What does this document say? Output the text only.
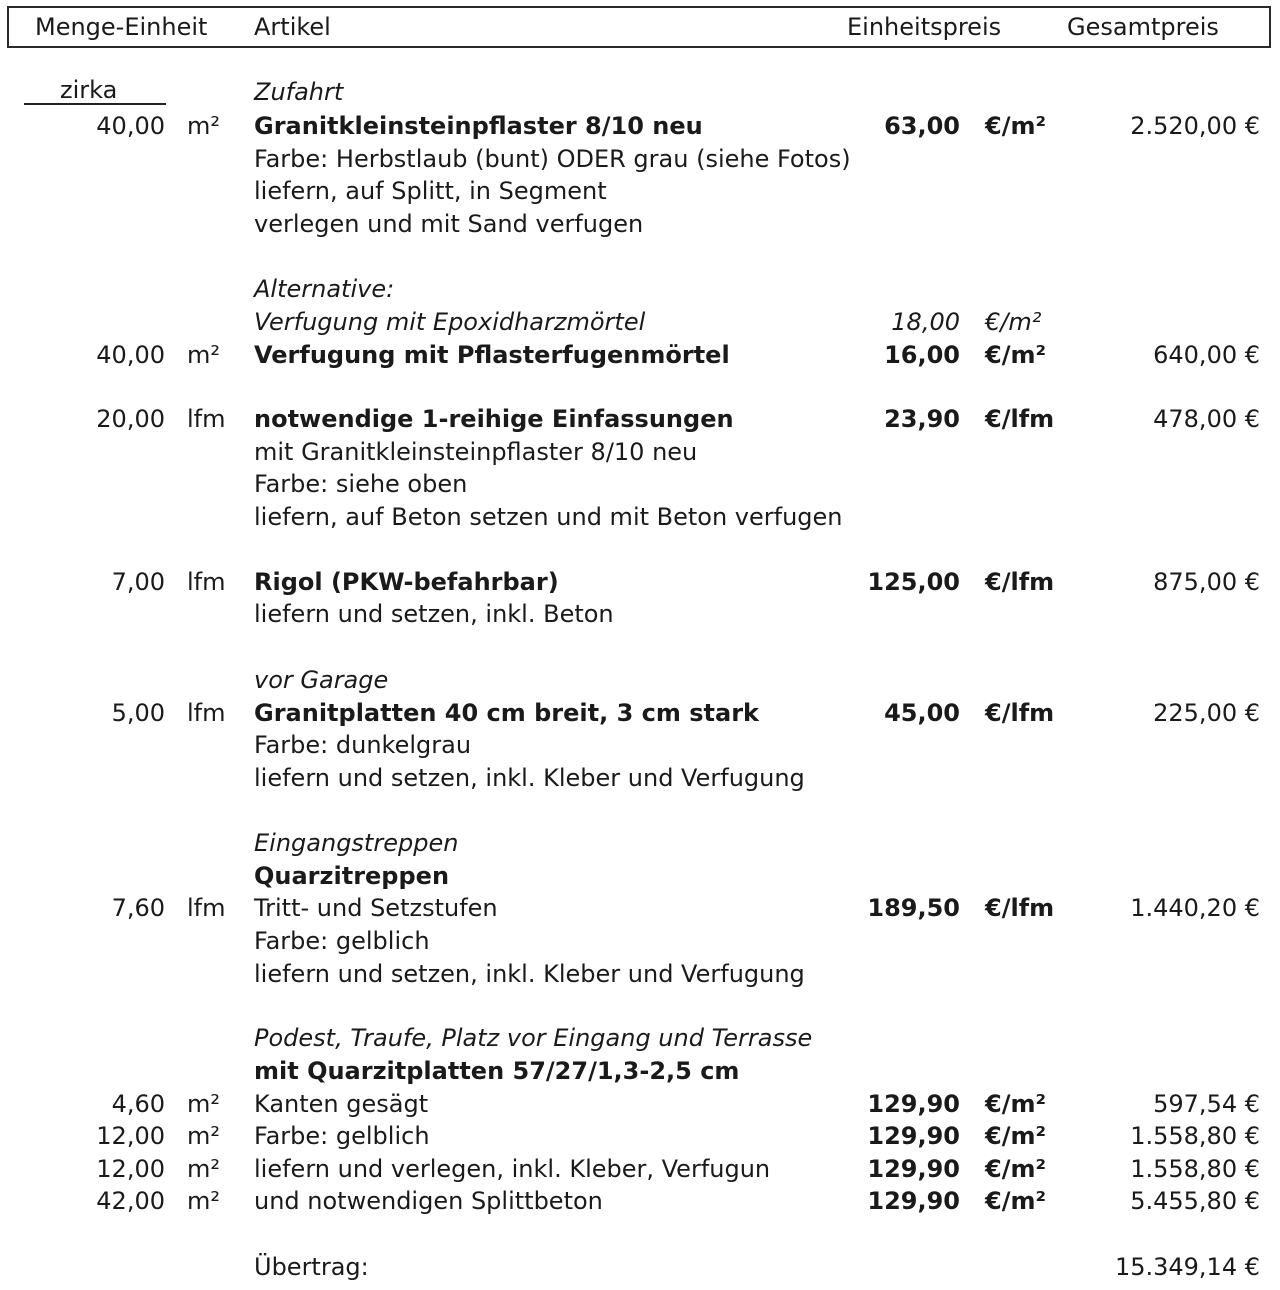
Menge-Einheit Artikel	Einheitspreis	Gesamtpreis
zirka	Zufahrt
40,00 m² Granitkleinsteinpflaster 8/10 neu	63,00 €/m²	2.520,00 €
Farbe: Herbstlaub (bunt) ODER grau (siehe Fotos)
liefern, auf Splitt, in Segment
verlegen und mit Sand verfugen
Alternative:
Verfugung mit Epoxidharzmörtel	18,00 €/m²
40,00 m² Verfugung mit Pflasterfugenmörtel	16,00 €/m²	640,00 €
20,00 lfm notwendige 1-reihige Einfassungen	23,90 €/lfm	478,00 €
mit Granitkleinsteinpflaster 8/10 neu
Farbe: siehe oben
liefern, auf Beton setzen und mit Beton verfugen
7,00 lfm Rigol (PKW-befahrbar)	125,00 €/lfm	875,00 €
liefern und setzen, inkl. Beton
vor Garage
5,00 lfm Granitplatten 40 cm breit, 3 cm stark	45,00 €/lfm	225,00 €
Farbe: dunkelgrau
liefern und setzen, inkl. Kleber und Verfugung
Eingangstreppen
Quarzitreppen
7,60 lfm Tritt- und Setzstufen	189,50 €/lfm	1.440,20 €
Farbe: gelblich
liefern und setzen, inkl. Kleber und Verfugung
Podest, Traufe, Platz vor Eingang und Terrasse
mit Quarzitplatten 57/27/1,3-2,5 cm
4,60 m² Kanten gesägt	129,90 €/m²	597,54 €
12,00 m² Farbe: gelblich	129,90 €/m²	1.558,80 €
12,00 m² liefern und verlegen, inkl. Kleber, Verfugun	129,90 €/m²	1.558,80 €
42,00 m² und notwendigen Splittbeton	129,90 €/m²	5.455,80 €
Übertrag:	15.349,14 €
